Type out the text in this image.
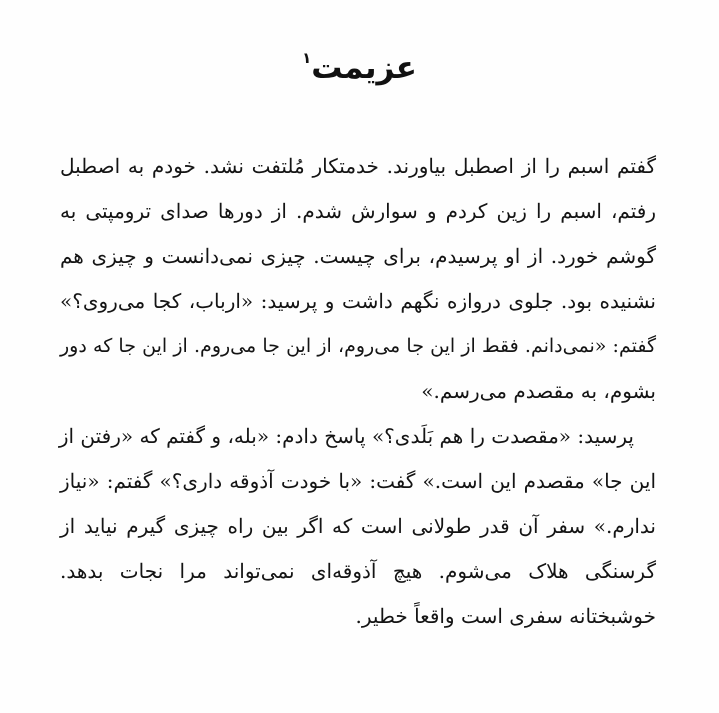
عزیمت$^۱$
گفتم اسبم را از اصطبل بیاورند. خدمتکار مُلتفت نشد. خودم به اصطبل
رفتم، اسبم را زین کردم و سوارش شدم. از دورها صدای ترومپتی به
گوشم خورد. از او پرسیدم، برای چیست. چیزی نمی‌دانست و چیزی هم
نشنیده بود. جلوی دروازه نگهم داشت و پرسید: «ارباب، کجا می‌روی؟»
گفتم: «نمی‌دانم. فقط از این جا می‌روم، از این جا می‌روم. از این جا که دور
بشوم، به مقصدم می‌رسم.»
پرسید: «مقصدت را هم بَلَدی؟» پاسخ دادم: «بله، و گفتم که «رفتن از
این جا» مقصدم این است.» گفت: «با خودت آذوقه داری؟» گفتم: «نیاز
ندارم.» سفر آن قدر طولانی است که اگر بین راه چیزی گیرم نیاید از
گرسنگی هلاک می‌شوم. هیچ آذوقه‌ای نمی‌تواند مرا نجات بدهد.
خوشبختانه سفری است واقعاً خطیر.
